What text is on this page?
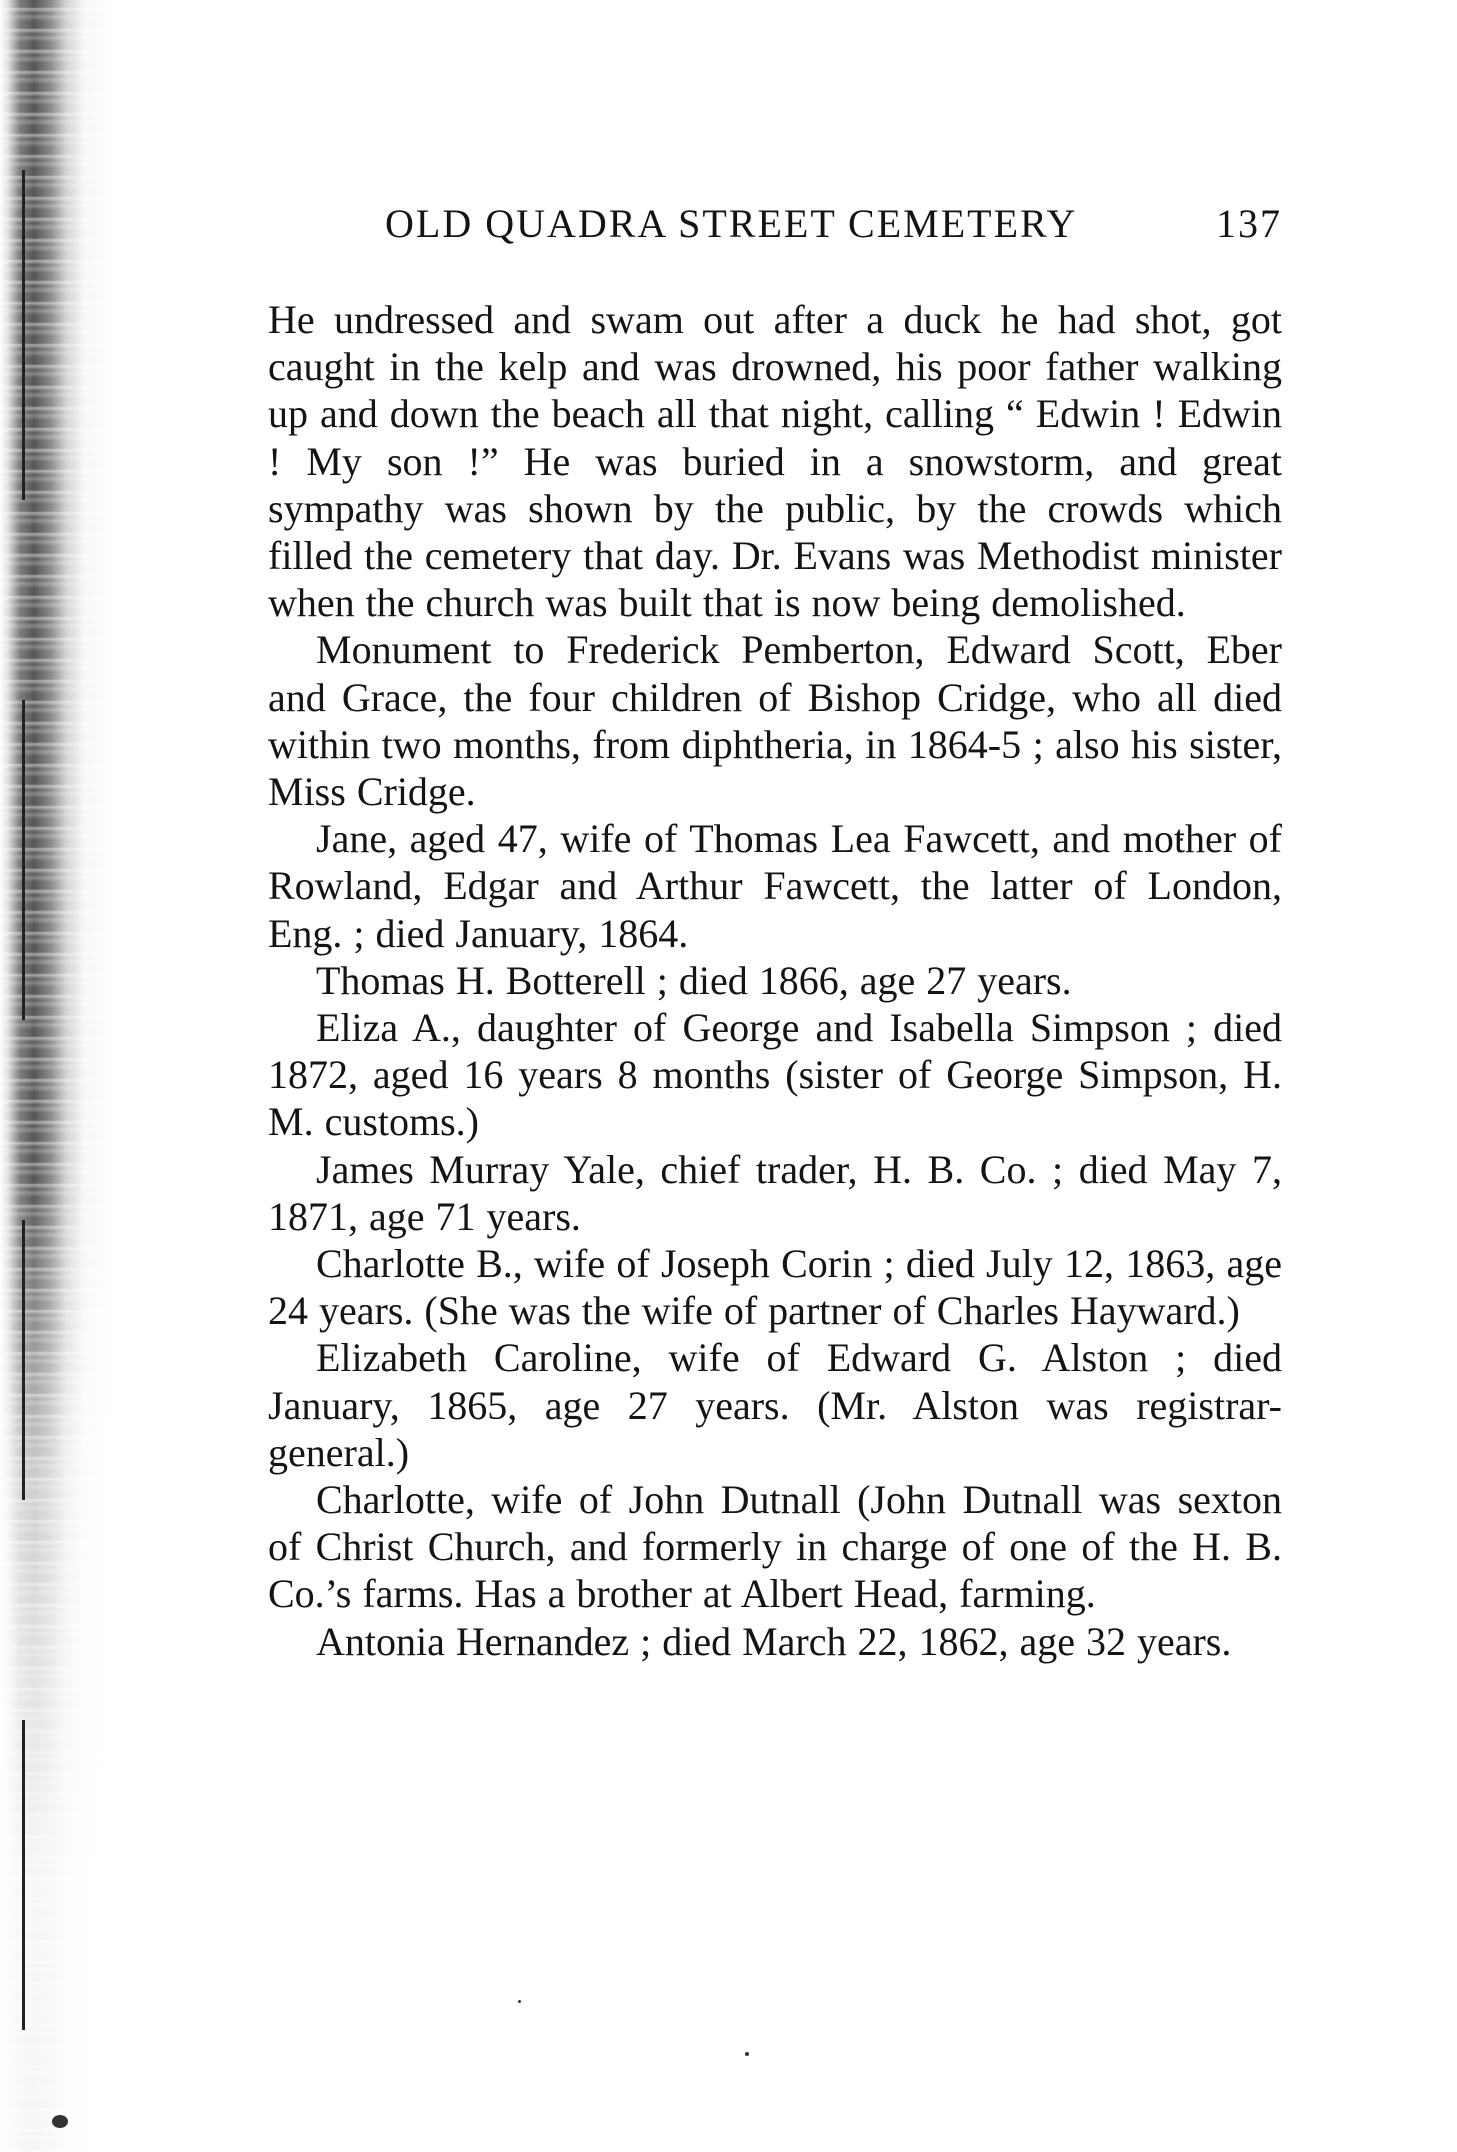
OLD QUADRA STREET CEMETERY	137

He undressed and swam out after a duck he had shot, got caught in the kelp and was drowned, his poor father walking up and down the beach all that night, calling “ Edwin ! Edwin ! My son !” He was buried in a snowstorm, and great sympathy was shown by the public, by the crowds which filled the cemetery that day. Dr. Evans was Methodist minister when the church was built that is now being demolished.

Monument to Frederick Pemberton, Edward Scott, Eber and Grace, the four children of Bishop Cridge, who all died within two months, from diphtheria, in 1864-5 ; also his sister, Miss Cridge.

Jane, aged 47, wife of Thomas Lea Fawcett, and mother of Rowland, Edgar and Arthur Fawcett, the latter of London, Eng. ; died January, 1864.

Thomas H. Botterell ; died 1866, age 27 years.

Eliza A., daughter of George and Isabella Simpson ; died 1872, aged 16 years 8 months (sister of George Simpson, H. M. customs.)

James Murray Yale, chief trader, H. B. Co. ; died May 7, 1871, age 71 years.

Charlotte B., wife of Joseph Corin ; died July 12, 1863, age 24 years. (She was the wife of partner of Charles Hayward.)

Elizabeth Caroline, wife of Edward G. Alston ; died January, 1865, age 27 years. (Mr. Alston was registrar-general.)

Charlotte, wife of John Dutnall (John Dutnall was sexton of Christ Church, and formerly in charge of one of the H. B. Co.’s farms. Has a brother at Albert Head, farming.

Antonia Hernandez ; died March 22, 1862, age 32 years.
